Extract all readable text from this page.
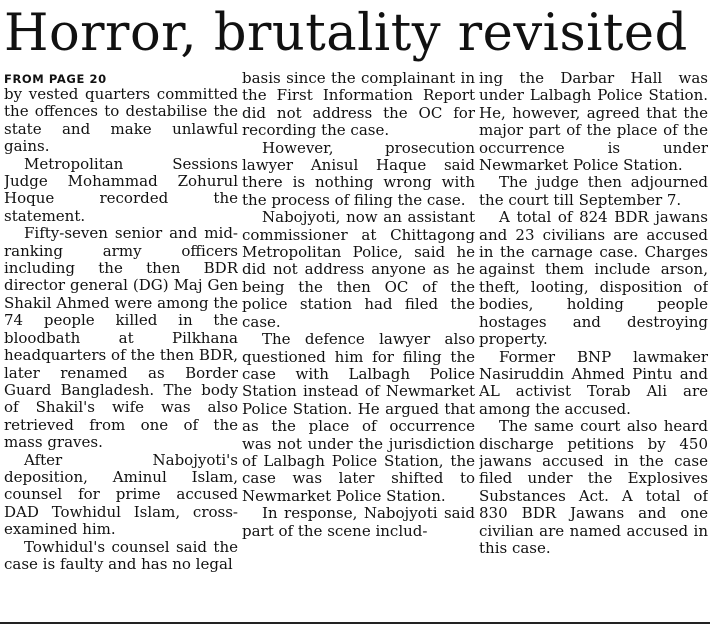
Horror, brutality revisited
FROM PAGE 20

by vested quarters committed the offences to destabilise the state and make unlawful gains.

Metropolitan Sessions Judge Mohammad Zohurul Hoque recorded the statement.

Fifty-seven senior and mid-ranking army officers including the then BDR director general (DG) Maj Gen Shakil Ahmed were among the 74 people killed in the bloodbath at Pilkhana headquarters of the then BDR, later renamed as Border Guard Bangladesh. The body of Shakil's wife was also retrieved from one of the mass graves.

After Nabojyoti's deposition, Aminul Islam, counsel for prime accused DAD Towhidul Islam, cross-examined him.

Towhidul's counsel said the case is faulty and has no legal

basis since the complainant in the First Information Report did not address the OC for recording the case.

However, prosecution lawyer Anisul Haque said there is nothing wrong with the process of filing the case.

Nabojyoti, now an assistant commissioner at Chittagong Metropolitan Police, said he did not address anyone as he being the then OC of the police station had filed the case.

The defence lawyer also questioned him for filing the case with Lalbagh Police Station instead of Newmarket Police Station. He argued that as the place of occurrence was not under the jurisdiction of Lalbagh Police Station, the case was later shifted to Newmarket Police Station.

In response, Nabojyoti said part of the scene includ-

ing the Darbar Hall was under Lalbagh Police Station. He, however, agreed that the major part of the place of the occurrence is under Newmarket Police Station.

The judge then adjourned the court till September 7.

A total of 824 BDR jawans and 23 civilians are accused in the carnage case. Charges against them include arson, theft, looting, disposition of bodies, holding people hostages and destroying property.

Former BNP lawmaker Nasiruddin Ahmed Pintu and AL activist Torab Ali are among the accused.

The same court also heard discharge petitions by 450 jawans accused in the case filed under the Explosives Substances Act. A total of 830 BDR Jawans and one civilian are named accused in this case.
